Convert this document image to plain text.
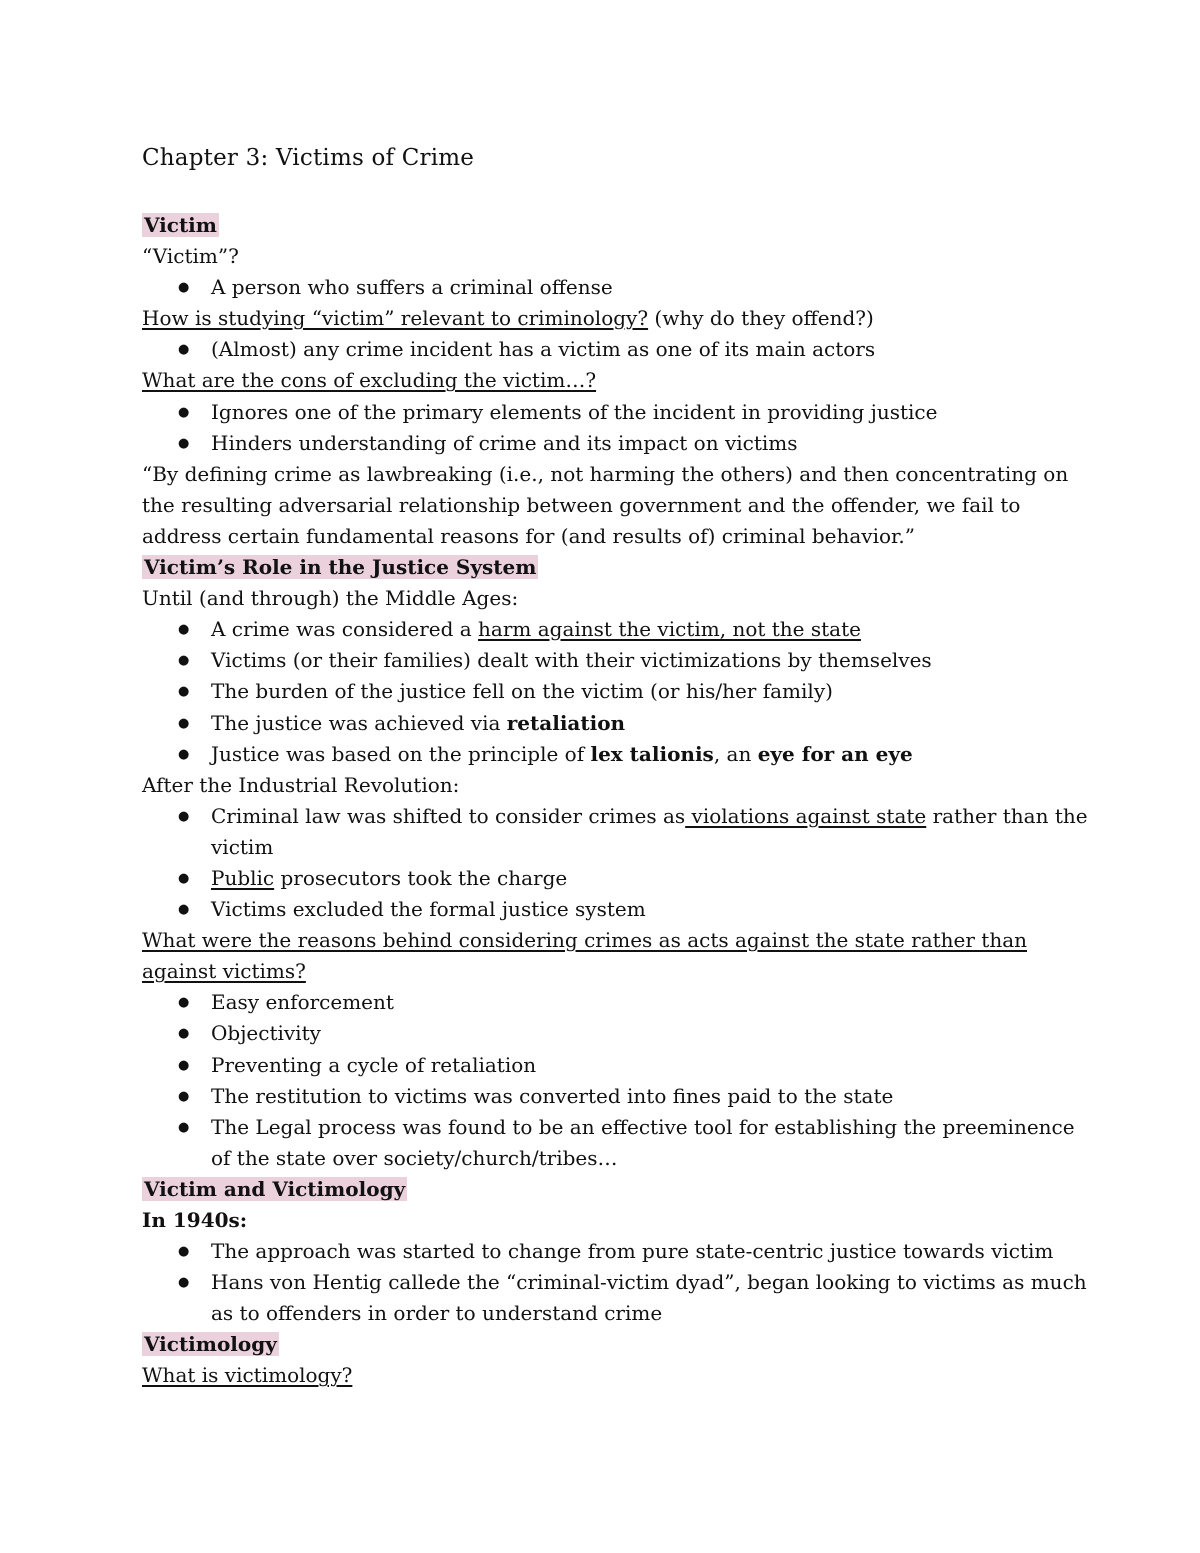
Chapter 3: Victims of Crime

Victim

“Victim”?

● A person who suffers a criminal offense

How is studying “victim” relevant to criminology? (why do they offend?)

● (Almost) any crime incident has a victim as one of its main actors

What are the cons of excluding the victim…?

● Ignores one of the primary elements of the incident in providing justice
● Hinders understanding of crime and its impact on victims

“By defining crime as lawbreaking (i.e., not harming the others) and then concentrating on the resulting adversarial relationship between government and the offender, we fail to address certain fundamental reasons for (and results of) criminal behavior.”

Victim’s Role in the Justice System

Until (and through) the Middle Ages:

● A crime was considered a harm against the victim, not the state
● Victims (or their families) dealt with their victimizations by themselves
● The burden of the justice fell on the victim (or his/her family)
● The justice was achieved via retaliation
● Justice was based on the principle of lex talionis, an eye for an eye

After the Industrial Revolution:

● Criminal law was shifted to consider crimes as violations against state rather than the victim
● Public prosecutors took the charge
● Victims excluded the formal justice system

What were the reasons behind considering crimes as acts against the state rather than against victims?

● Easy enforcement
● Objectivity
● Preventing a cycle of retaliation
● The restitution to victims was converted into fines paid to the state
● The Legal process was found to be an effective tool for establishing the preeminence of the state over society/church/tribes…

Victim and Victimology

In 1940s:

● The approach was started to change from pure state-centric justice towards victim
● Hans von Hentig callede the “criminal-victim dyad”, began looking to victims as much as to offenders in order to understand crime

Victimology

What is victimology?
